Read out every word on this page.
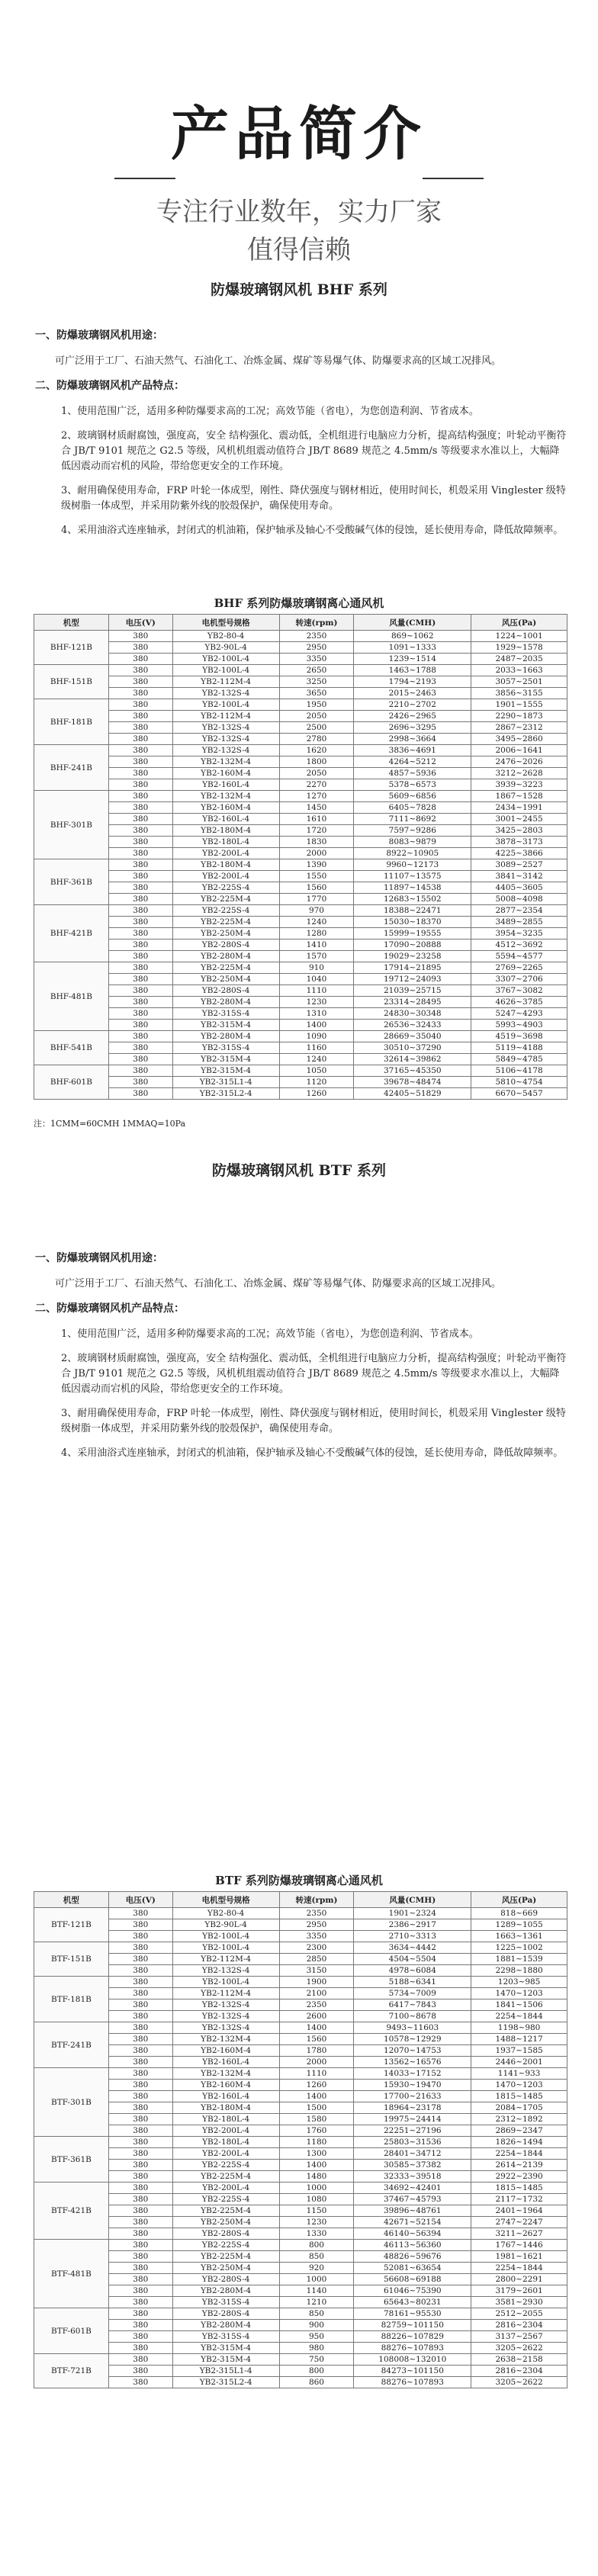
产品简介
专注行业数年，实力厂家
值得信赖
防爆玻璃钢风机 BHF 系列
一、防爆玻璃钢风机用途：

可广泛用于工厂、石油天然气、石油化工、冶炼金属、煤矿等易爆气体、防爆要求高的区域工况排风。

二、防爆玻璃钢风机产品特点：

1、使用范围广泛，适用多种防爆要求高的工况；高效节能（省电），为您创造利润、节省成本。

2、玻璃钢材质耐腐蚀，强度高，安全 结构强化、震动低，全机组进行电脑应力分析，提高结构强度；叶轮动平衡符合 JB/T 9101 规范之 G2.5 等级，风机机组震动值符合 JB/T 8689 规范之 4.5mm/s 等级要求水准以上，大幅降低因震动而宕机的风险，带给您更安全的工作环境。

3、耐用确保使用寿命，FRP 叶轮一体成型，刚性、降伏强度与钢材相近，使用时间长，机殻采用 Vinglester 级特级树脂一体成型，并采用防紫外线的胶殻保护，确保使用寿命。

4、采用油浴式连座轴承，封闭式的机油箱，保护轴承及轴心不受酸碱气体的侵蚀，延长使用寿命，降低故障频率。

BHF 系列防爆玻璃钢离心通风机
机型	电压(V)	电机型号规格	转速(rpm)	风量(CMH)	风压(Pa)
BHF-121B	380	YB2-80-4	2350	869~1062	1224~1001
	380	YB2-90L-4	2950	1091~1333	1929~1578
	380	YB2-100L-4	3350	1239~1514	2487~2035
BHF-151B	380	YB2-100L-4	2650	1463~1788	2033~1663
	380	YB2-112M-4	3250	1794~2193	3057~2501
	380	YB2-132S-4	3650	2015~2463	3856~3155
BHF-181B	380	YB2-100L-4	1950	2210~2702	1901~1555
	380	YB2-112M-4	2050	2426~2965	2290~1873
	380	YB2-132S-4	2500	2696~3295	2867~2312
	380	YB2-132S-4	2780	2998~3664	3495~2860
BHF-241B	380	YB2-132S-4	1620	3836~4691	2006~1641
	380	YB2-132M-4	1800	4264~5212	2476~2026
	380	YB2-160M-4	2050	4857~5936	3212~2628
	380	YB2-160L-4	2270	5378~6573	3939~3223
BHF-301B	380	YB2-132M-4	1270	5609~6856	1867~1528
	380	YB2-160M-4	1450	6405~7828	2434~1991
	380	YB2-160L-4	1610	7111~8692	3001~2455
	380	YB2-180M-4	1720	7597~9286	3425~2803
	380	YB2-180L-4	1830	8083~9879	3878~3173
	380	YB2-200L-4	2000	8922~10905	4225~3866
BHF-361B	380	YB2-180M-4	1390	9960~12173	3089~2527
	380	YB2-200L-4	1550	11107~13575	3841~3142
	380	YB2-225S-4	1560	11897~14538	4405~3605
	380	YB2-225M-4	1770	12683~15502	5008~4098
BHF-421B	380	YB2-225S-4	970	18388~22471	2877~2354
	380	YB2-225M-4	1240	15030~18370	3489~2855
	380	YB2-250M-4	1280	15999~19555	3954~3235
	380	YB2-280S-4	1410	17090~20888	4512~3692
	380	YB2-280M-4	1570	19029~23258	5594~4577
BHF-481B	380	YB2-225M-4	910	17914~21895	2769~2265
	380	YB2-250M-4	1040	19712~24093	3307~2706
	380	YB2-280S-4	1110	21039~25715	3767~3082
	380	YB2-280M-4	1230	23314~28495	4626~3785
	380	YB2-315S-4	1310	24830~30348	5247~4293
	380	YB2-315M-4	1400	26536~32433	5993~4903
BHF-541B	380	YB2-280M-4	1090	28669~35040	4519~3698
	380	YB2-315S-4	1160	30510~37290	5119~4188
	380	YB2-315M-4	1240	32614~39862	5849~4785
BHF-601B	380	YB2-315M-4	1050	37165~45350	5106~4178
	380	YB2-315L1-4	1120	39678~48474	5810~4754
	380	YB2-315L2-4	1260	42405~51829	6670~5457
注：1CMM=60CMH 1MMAQ=10Pa
防爆玻璃钢风机 BTF 系列
一、防爆玻璃钢风机用途：

可广泛用于工厂、石油天然气、石油化工、冶炼金属、煤矿等易爆气体、防爆要求高的区域工况排风。

二、防爆玻璃钢风机产品特点：

1、使用范围广泛，适用多种防爆要求高的工况；高效节能（省电），为您创造利润、节省成本。

2、玻璃钢材质耐腐蚀，强度高，安全 结构强化、震动低，全机组进行电脑应力分析，提高结构强度；叶轮动平衡符合 JB/T 9101 规范之 G2.5 等级，风机机组震动值符合 JB/T 8689 规范之 4.5mm/s 等级要求水准以上，大幅降低因震动而宕机的风险，带给您更安全的工作环境。

3、耐用确保使用寿命，FRP 叶轮一体成型，刚性、降伏强度与钢材相近，使用时间长，机殻采用 Vinglester 级特级树脂一体成型，并采用防紫外线的胶殻保护，确保使用寿命。

4、采用油浴式连座轴承，封闭式的机油箱，保护轴承及轴心不受酸碱气体的侵蚀，延长使用寿命，降低故障频率。

BTF 系列防爆玻璃钢离心通风机
机型	电压(V)	电机型号规格	转速(rpm)	风量(CMH)	风压(Pa)
BTF-121B	380	YB2-80-4	2350	1901~2324	818~669
	380	YB2-90L-4	2950	2386~2917	1289~1055
	380	YB2-100L-4	3350	2710~3313	1663~1361
BTF-151B	380	YB2-100L-4	2300	3634~4442	1225~1002
	380	YB2-112M-4	2850	4504~5504	1881~1539
	380	YB2-132S-4	3150	4978~6084	2298~1880
BTF-181B	380	YB2-100L-4	1900	5188~6341	1203~985
	380	YB2-112M-4	2100	5734~7009	1470~1203
	380	YB2-132S-4	2350	6417~7843	1841~1506
	380	YB2-132S-4	2600	7100~8678	2254~1844
BTF-241B	380	YB2-132S-4	1400	9493~11603	1198~980
	380	YB2-132M-4	1560	10578~12929	1488~1217
	380	YB2-160M-4	1780	12070~14753	1937~1585
	380	YB2-160L-4	2000	13562~16576	2446~2001
BTF-301B	380	YB2-132M-4	1110	14033~17152	1141~933
	380	YB2-160M-4	1260	15930~19470	1470~1203
	380	YB2-160L-4	1400	17700~21633	1815~1485
	380	YB2-180M-4	1500	18964~23178	2084~1705
	380	YB2-180L-4	1580	19975~24414	2312~1892
	380	YB2-200L-4	1760	22251~27196	2869~2347
BTF-361B	380	YB2-180L-4	1180	25803~31536	1826~1494
	380	YB2-200L-4	1300	28401~34712	2254~1844
	380	YB2-225S-4	1400	30585~37382	2614~2139
	380	YB2-225M-4	1480	32333~39518	2922~2390
BTF-421B	380	YB2-200L-4	1000	34692~42401	1815~1485
	380	YB2-225S-4	1080	37467~45793	2117~1732
	380	YB2-225M-4	1150	39896~48761	2401~1964
	380	YB2-250M-4	1230	42671~52154	2747~2247
	380	YB2-280S-4	1330	46140~56394	3211~2627
BTF-481B	380	YB2-225S-4	800	46113~56360	1767~1446
	380	YB2-225M-4	850	48826~59676	1981~1621
	380	YB2-250M-4	920	52081~63654	2254~1844
	380	YB2-280S-4	1000	56608~69188	2800~2291
	380	YB2-280M-4	1140	61046~75390	3179~2601
	380	YB2-315S-4	1210	65643~80231	3581~2930
BTF-601B	380	YB2-280S-4	850	78161~95530	2512~2055
	380	YB2-280M-4	900	82759~101150	2816~2304
	380	YB2-315S-4	950	88226~107829	3137~2567
	380	YB2-315M-4	980	88276~107893	3205~2622
BTF-721B	380	YB2-315M-4	750	108008~132010	2638~2158
	380	YB2-315L1-4	800	84273~101150	2816~2304
	380	YB2-315L2-4	860	88276~107893	3205~2622
